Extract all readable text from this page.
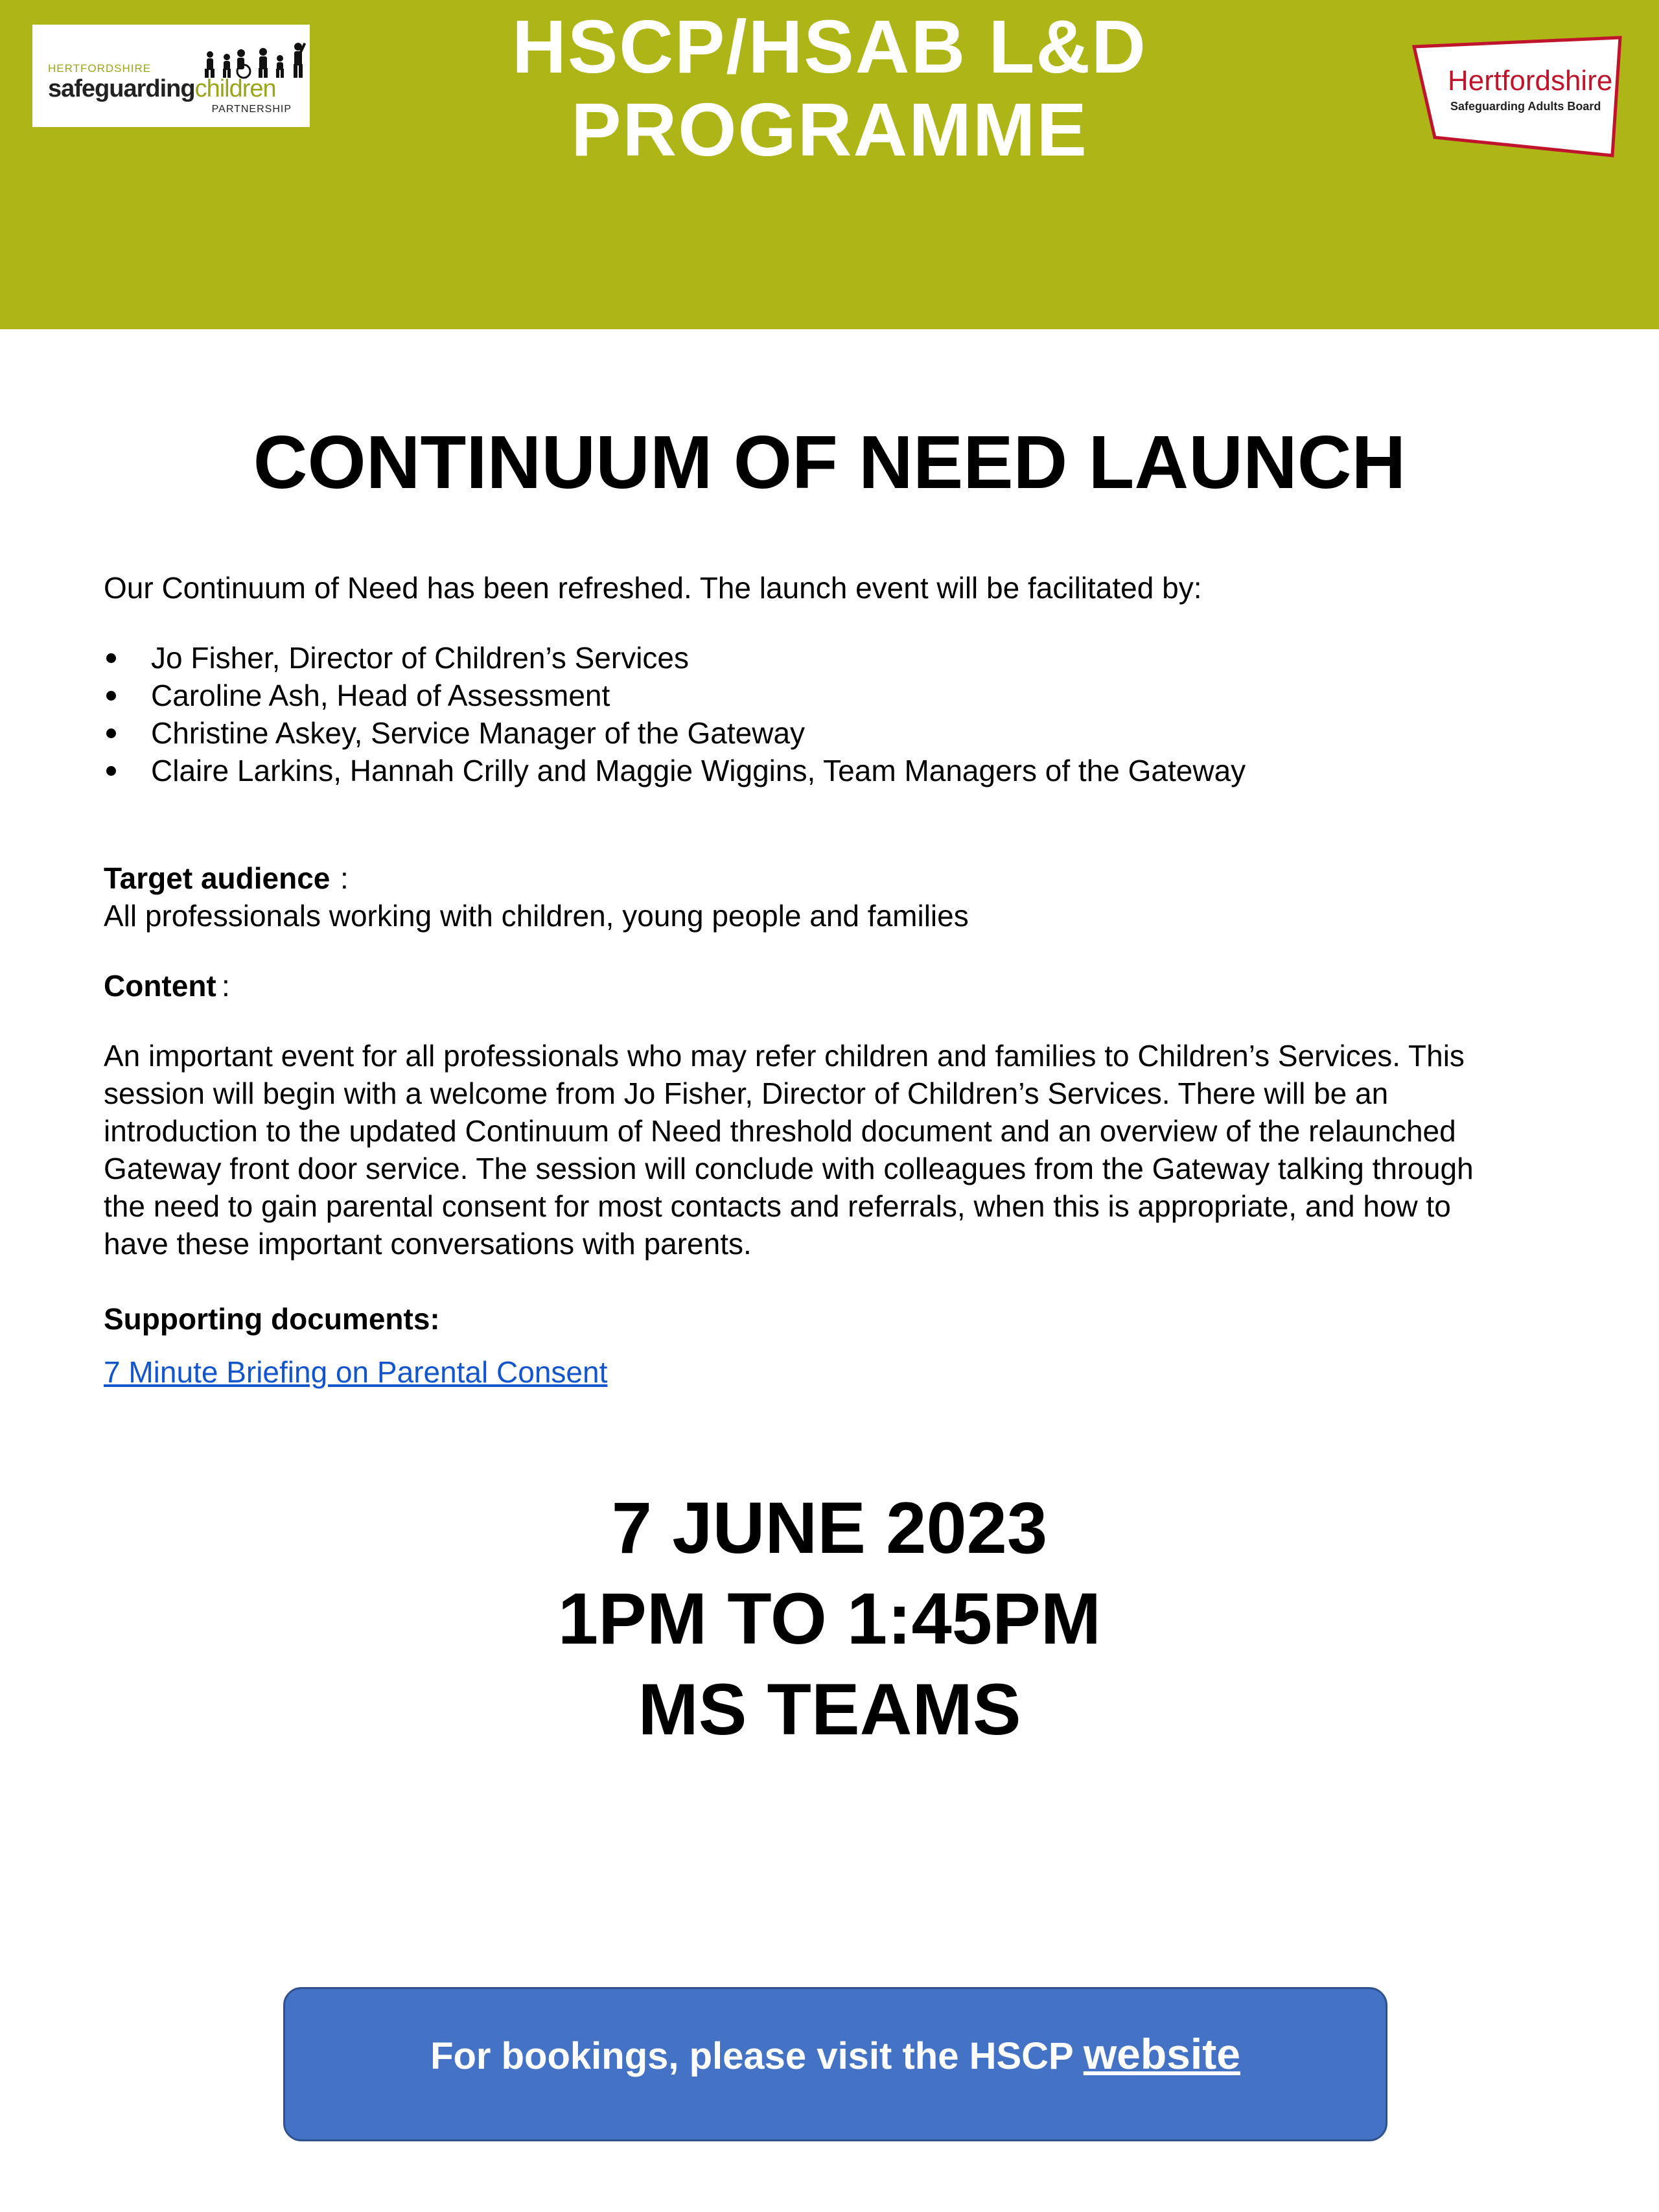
HERTFORDSHIRE
safeguardingchildren
PARTNERSHIP
HSCP/HSAB L&D
PROGRAMME
Hertfordshire
Safeguarding Adults Board
CONTINUUM OF NEED LAUNCH
Our Continuum of Need has been refreshed. The launch event will be facilitated by:
Jo Fisher, Director of Children’s Services
Caroline Ash, Head of Assessment
Christine Askey, Service Manager of the Gateway
Claire Larkins, Hannah Crilly and Maggie Wiggins, Team Managers of the Gateway
Target audience :
All professionals working with children, young people and families
Content :

An important event for all professionals who may refer children and families to Children’s Services. This

session will begin with a welcome from Jo Fisher, Director of Children’s Services. There will be an

introduction to the updated Continuum of Need threshold document and an overview of the relaunched

Gateway front door service. The session will conclude with colleagues from the Gateway talking through

the need to gain parental consent for most contacts and referrals, when this is appropriate, and how to

have these important conversations with parents.

Supporting documents:
7 Minute Briefing on Parental Consent
7 JUNE 2023
1PM TO 1:45PM
MS TEAMS
For bookings, please visit the HSCP website
